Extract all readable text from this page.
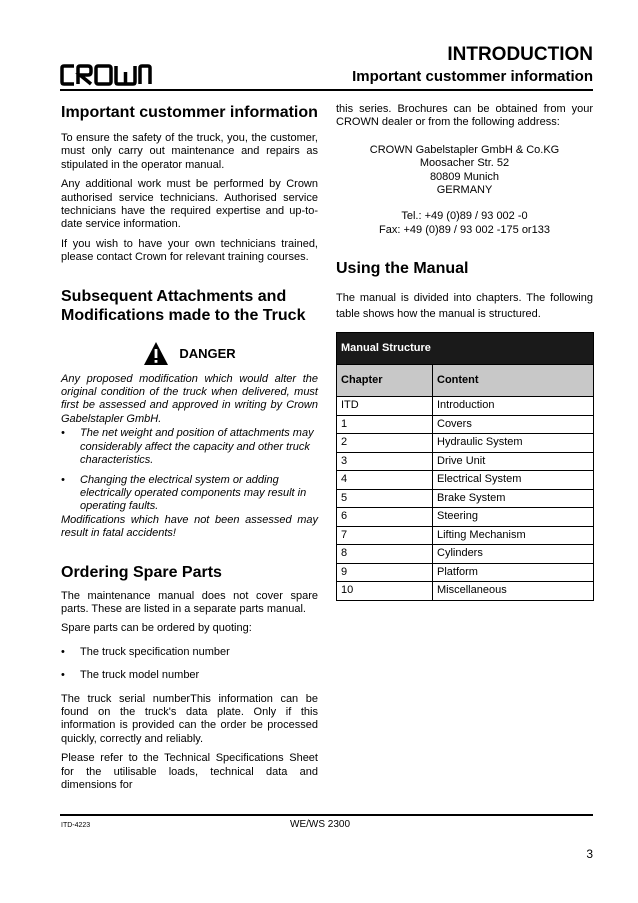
INTRODUCTION
Important custommer information
Important custommer information

To ensure the safety of the truck, you, the customer, must only carry out maintenance and repairs as stipulated in the operator manual.

Any additional work must be performed by Crown authorised service technicians. Authorised service technicians have the required expertise and up-to-date service information.

If you wish to have your own technicians trained, please contact Crown for relevant training courses.

Subsequent Attachments and Modifications made to the Truck
DANGER

Any proposed modification which would alter the original condition of the truck when delivered, must first be assessed and approved in writing by Crown Gabelstapler GmbH.

•	The net weight and position of attachments may considerably affect the capacity and other truck characteristics.
•	Changing the electrical system or adding electrically operated components may result in operating faults.

Modifications which have not been assessed may result in fatal accidents!

Ordering Spare Parts

The maintenance manual does not cover spare parts. These are listed in a separate parts manual.

Spare parts can be ordered by quoting:

•	The truck specification number
•	The truck model number

The truck serial numberThis information can be found on the truck's data plate. Only if this information is provided can the order be processed quickly, correctly and reliably.

Please refer to the Technical Specifications Sheet for the utilisable loads, technical data and dimensions for

this series. Brochures can be obtained from your CROWN dealer or from the following address:

CROWN Gabelstapler GmbH & Co.KG
Moosacher Str. 52
80809 Munich
GERMANY
Tel.: +49 (0)89 / 93 002 -0
Fax: +49 (0)89 / 93 002 -175 or133
Using the Manual

The manual is divided into chapters. The following table shows how the manual is structured.

Manual Structure	
Chapter	Content
ITD	Introduction
1	Covers
2	Hydraulic System
3	Drive Unit
4	Electrical System
5	Brake System
6	Steering
7	Lifting Mechanism
8	Cylinders
9	Platform
10	Miscellaneous
ITD-4223	WE/WS 2300
3
